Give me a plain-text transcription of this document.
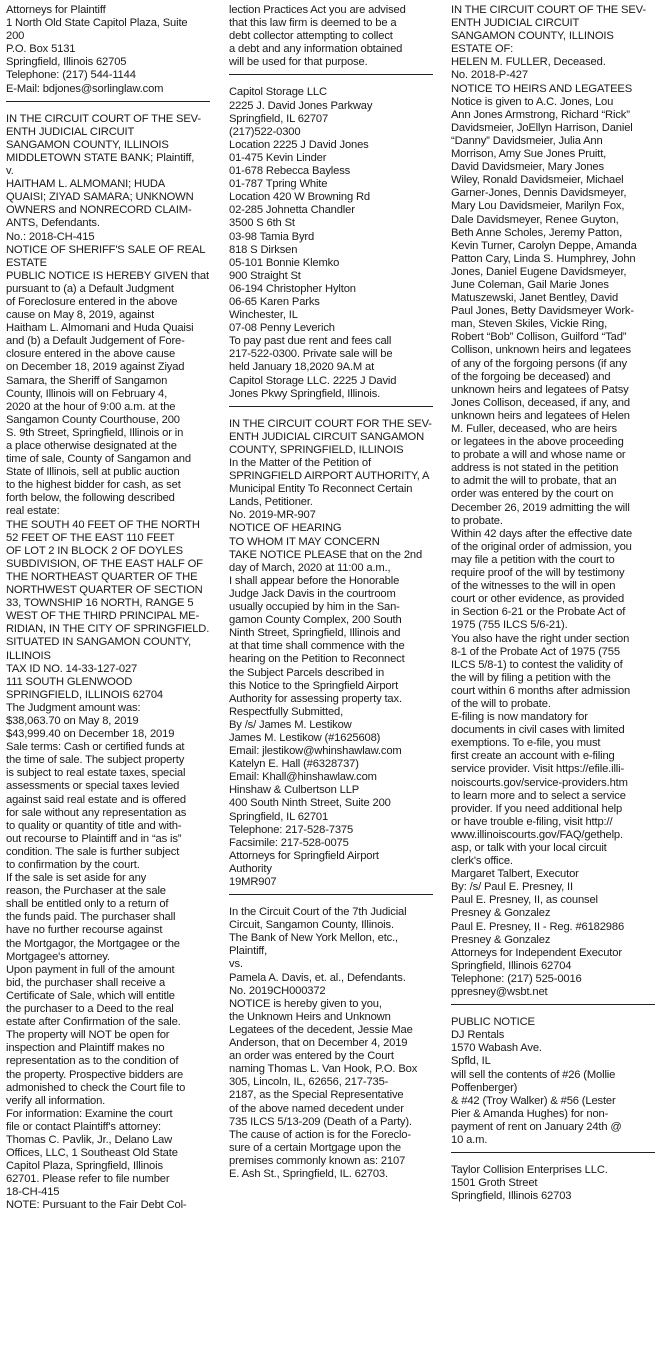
Attorneys for Plaintiff
1 North Old State Capitol Plaza, Suite
200
P.O. Box 5131
Springfield, Illinois 62705
Telephone: (217) 544-1144
E-Mail: bdjones@sorlinglaw.com
IN THE CIRCUIT COURT OF THE SEV-
ENTH JUDICIAL CIRCUIT
SANGAMON COUNTY, ILLINOIS
MIDDLETOWN STATE BANK; Plaintiff,
v.
HAITHAM L. ALMOMANI; HUDA
QUAISI; ZIYAD SAMARA; UNKNOWN
OWNERS and NONRECORD CLAIM-
ANTS, Defendants.
No.: 2018-CH-415
NOTICE OF SHERIFF'S SALE OF REAL
ESTATE
PUBLIC NOTICE IS HEREBY GIVEN that
pursuant to (a) a Default Judgment
of Foreclosure entered in the above
cause on May 8, 2019, against
Haitham L. Almomani and Huda Quaisi
and (b) a Default Judgement of Fore-
closure entered in the above cause
on December 18, 2019 against Ziyad
Samara, the Sheriff of Sangamon
County, Illinois will on February 4,
2020 at the hour of 9:00 a.m. at the
Sangamon County Courthouse, 200
S. 9th Street, Springfield, Illinois or in
a place otherwise designated at the
time of sale, County of Sangamon and
State of Illinois, sell at public auction
to the highest bidder for cash, as set
forth below, the following described
real estate:
THE SOUTH 40 FEET OF THE NORTH
52 FEET OF THE EAST 110 FEET
OF LOT 2 IN BLOCK 2 OF DOYLES
SUBDIVISION, OF THE EAST HALF OF
THE NORTHEAST QUARTER OF THE
NORTHWEST QUARTER OF SECTION
33, TOWNSHIP 16 NORTH, RANGE 5
WEST OF THE THIRD PRINCIPAL ME-
RIDIAN, IN THE CITY OF SPRINGFIELD.
SITUATED IN SANGAMON COUNTY,
ILLINOIS
TAX ID NO. 14-33-127-027
111 SOUTH GLENWOOD
SPRINGFIELD, ILLINOIS 62704
The Judgment amount was:
$38,063.70 on May 8, 2019
$43,999.40 on December 18, 2019
Sale terms: Cash or certified funds at
the time of sale. The subject property
is subject to real estate taxes, special
assessments or special taxes levied
against said real estate and is offered
for sale without any representation as
to quality or quantity of title and with-
out recourse to Plaintiff and in “as is”
condition. The sale is further subject
to confirmation by the court.
If the sale is set aside for any
reason, the Purchaser at the sale
shall be entitled only to a return of
the funds paid. The purchaser shall
have no further recourse against
the Mortgagor, the Mortgagee or the
Mortgagee's attorney.
Upon payment in full of the amount
bid, the purchaser shall receive a
Certificate of Sale, which will entitle
the purchaser to a Deed to the real
estate after Confirmation of the sale.
The property will NOT be open for
inspection and Plaintiff makes no
representation as to the condition of
the property. Prospective bidders are
admonished to check the Court file to
verify all information.
For information: Examine the court
file or contact Plaintiff's attorney:
Thomas C. Pavlik, Jr., Delano Law
Offices, LLC, 1 Southeast Old State
Capitol Plaza, Springfield, Illinois
62701. Please refer to file number
18-CH-415
NOTE: Pursuant to the Fair Debt Col-
lection Practices Act you are advised
that this law firm is deemed to be a
debt collector attempting to collect
a debt and any information obtained
will be used for that purpose.
Capitol Storage LLC
2225 J. David Jones Parkway
Springfield, IL 62707
(217)522-0300
Location 2225 J David Jones
01-475 Kevin Linder
01-678 Rebecca Bayless
01-787 Tpring White
Location 420 W Browning Rd
02-285 Johnetta Chandler
3500 S 6th St
03-98 Tamia Byrd
818 S Dirksen
05-101 Bonnie Klemko
900 Straight St
06-194 Christopher Hylton
06-65 Karen Parks
Winchester, IL
07-08 Penny Leverich
To pay past due rent and fees call
217-522-0300. Private sale will be
held January 18,2020 9A.M at
Capitol Storage LLC. 2225 J David
Jones Pkwy Springfield, Illinois.
IN THE CIRCUIT COURT FOR THE SEV-
ENTH JUDICIAL CIRCUIT SANGAMON
COUNTY, SPRINGFIELD, ILLINOIS
In the Matter of the Petition of
SPRINGFIELD AIRPORT AUTHORITY, A
Municipal Entity To Reconnect Certain
Lands, Petitioner.
No. 2019-MR-907
NOTICE OF HEARING
TO WHOM IT MAY CONCERN
TAKE NOTICE PLEASE that on the 2nd
day of March, 2020 at 11:00 a.m.,
I shall appear before the Honorable
Judge Jack Davis in the courtroom
usually occupied by him in the San-
gamon County Complex, 200 South
Ninth Street, Springfield, Illinois and
at that time shall commence with the
hearing on the Petition to Reconnect
the Subject Parcels described in
this Notice to the Springfield Airport
Authority for assessing property tax.
Respectfully Submitted,
By /s/ James M. Lestikow
James M. Lestikow (#1625608)
Email: jlestikow@whinshawlaw.com
Katelyn E. Hall (#6328737)
Email: Khall@hinshawlaw.com
Hinshaw & Culbertson LLP
400 South Ninth Street, Suite 200
Springfield, IL 62701
Telephone: 217-528-7375
Facsimile: 217-528-0075
Attorneys for Springfield Airport
Authority
19MR907
In the Circuit Court of the 7th Judicial
Circuit, Sangamon County, Illinois.
The Bank of New York Mellon, etc.,
Plaintiff,
vs.
Pamela A. Davis, et. al., Defendants.
No. 2019CH000372
NOTICE is hereby given to you,
the Unknown Heirs and Unknown
Legatees of the decedent, Jessie Mae
Anderson, that on December 4, 2019
an order was entered by the Court
naming Thomas L. Van Hook, P.O. Box
305, Lincoln, IL, 62656, 217-735-
2187, as the Special Representative
of the above named decedent under
735 ILCS 5/13-209 (Death of a Party).
The cause of action is for the Foreclo-
sure of a certain Mortgage upon the
premises commonly known as: 2107
E. Ash St., Springfield, IL. 62703.
IN THE CIRCUIT COURT OF THE SEV-
ENTH JUDICIAL CIRCUIT
SANGAMON COUNTY, ILLINOIS
ESTATE OF:
HELEN M. FULLER, Deceased.
No. 2018-P-427
NOTICE TO HEIRS AND LEGATEES
Notice is given to A.C. Jones, Lou
Ann Jones Armstrong, Richard “Rick”
Davidsmeier, JoEllyn Harrison, Daniel
“Danny” Davidsmeier, Julia Ann
Morrison, Amy Sue Jones Pruitt,
David Davidsmeier, Mary Jones
Wiley, Ronald Davidsmeier, Michael
Garner-Jones, Dennis Davidsmeyer,
Mary Lou Davidsmeier, Marilyn Fox,
Dale Davidsmeyer, Renee Guyton,
Beth Anne Scholes, Jeremy Patton,
Kevin Turner, Carolyn Deppe, Amanda
Patton Cary, Linda S. Humphrey, John
Jones, Daniel Eugene Davidsmeyer,
June Coleman, Gail Marie Jones
Matuszewski, Janet Bentley, David
Paul Jones, Betty Davidsmeyer Work-
man, Steven Skiles, Vickie Ring,
Robert “Bob” Collison, Guilford “Tad”
Collison, unknown heirs and legatees
of any of the forgoing persons (if any
of the forgoing be deceased) and
unknown heirs and legatees of Patsy
Jones Collison, deceased, if any, and
unknown heirs and legatees of Helen
M. Fuller, deceased, who are heirs
or legatees in the above proceeding
to probate a will and whose name or
address is not stated in the petition
to admit the will to probate, that an
order was entered by the court on
December 26, 2019 admitting the will
to probate.
Within 42 days after the effective date
of the original order of admission, you
may file a petition with the court to
require proof of the will by testimony
of the witnesses to the will in open
court or other evidence, as provided
in Section 6-21 or the Probate Act of
1975 (755 ILCS 5/6-21).
You also have the right under section
8-1 of the Probate Act of 1975 (755
ILCS 5/8-1) to contest the validity of
the will by filing a petition with the
court within 6 months after admission
of the will to probate.
E-filing is now mandatory for
documents in civil cases with limited
exemptions. To e-file, you must
first create an account with e-filing
service provider. Visit https://efile.illi-
noiscourts.gov/service-providers.htm
to learn more and to select a service
provider. If you need additional help
or have trouble e-filing, visit http://
www.illinoiscourts.gov/FAQ/gethelp.
asp, or talk with your local circuit
clerk's office.
Margaret Talbert, Executor
By: /s/ Paul E. Presney, II
Paul E. Presney, II, as counsel
Presney & Gonzalez
Paul E. Presney, II - Reg. #6182986
Presney & Gonzalez
Attorneys for Independent Executor
Springfield, Illinois 62704
Telephone: (217) 525-0016
ppresney@wsbt.net
PUBLIC NOTICE
DJ Rentals
1570 Wabash Ave.
Spfld, IL
will sell the contents of #26 (Mollie
Poffenberger)
& #42 (Troy Walker) & #56 (Lester
Pier & Amanda Hughes) for non-
payment of rent on January 24th @
10 a.m.
Taylor Collision Enterprises LLC.
1501 Groth Street
Springfield, Illinois 62703
